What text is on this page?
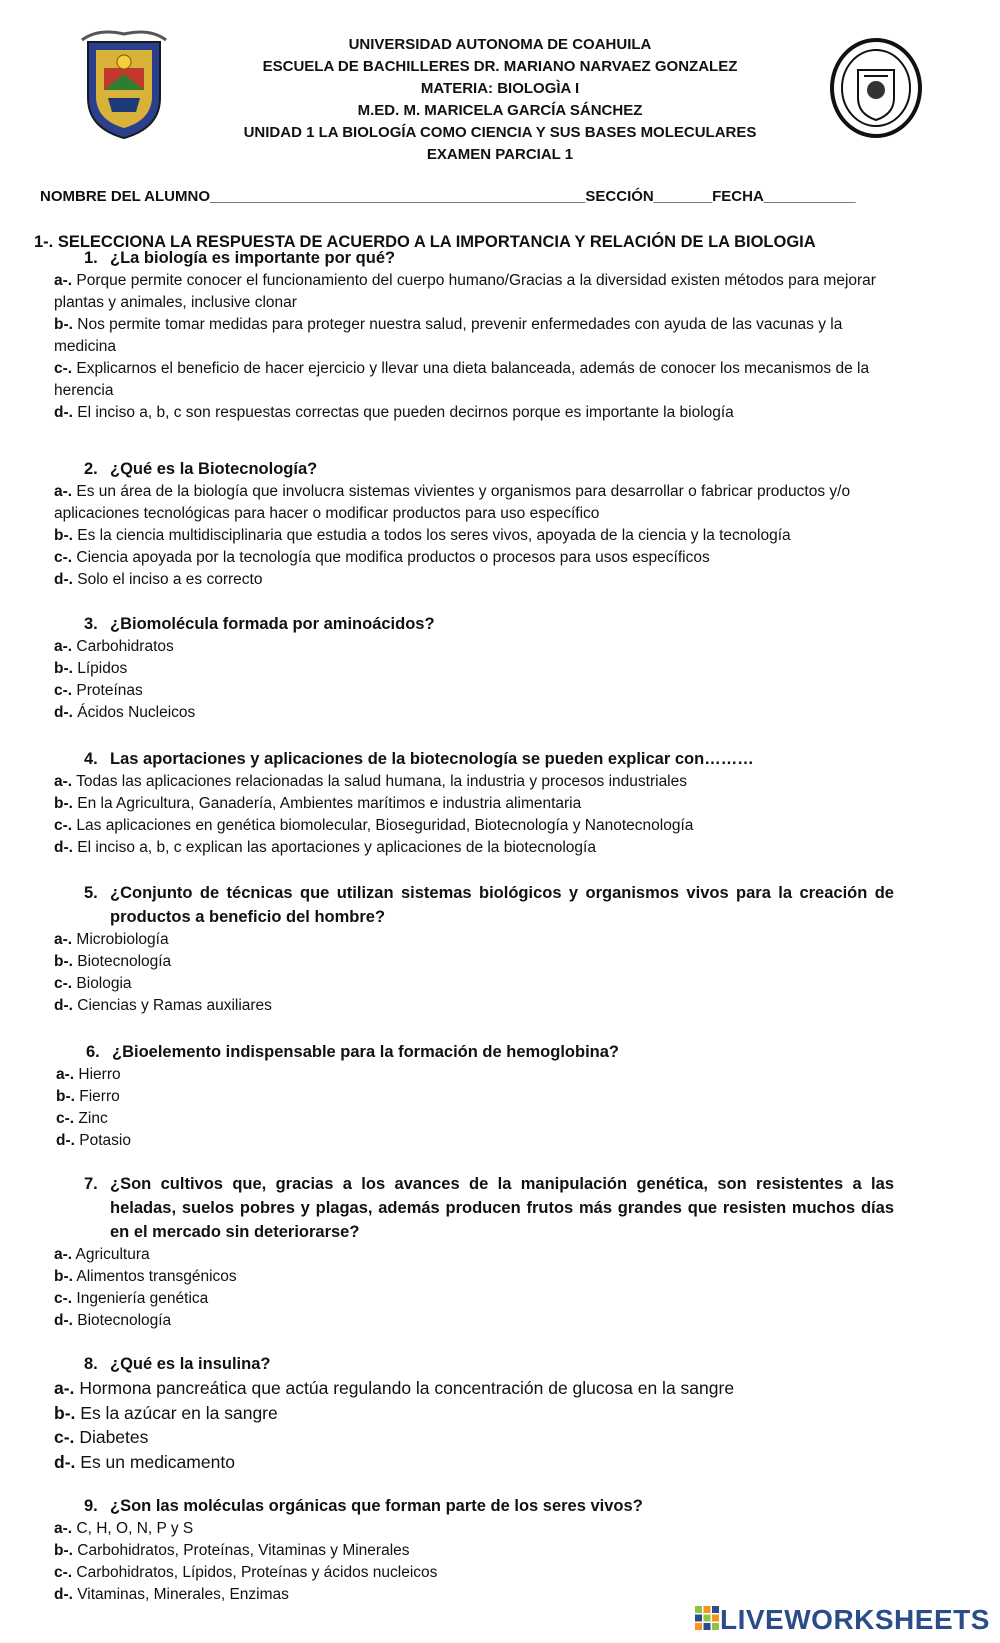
UNIVERSIDAD AUTONOMA DE COAHUILA
ESCUELA DE BACHILLERES DR. MARIANO NARVAEZ GONZALEZ
MATERIA: BIOLOGÌA I
M.ED. M. MARICELA GARCÍA SÁNCHEZ
UNIDAD 1 LA BIOLOGÍA COMO CIENCIA Y SUS BASES MOLECULARES
EXAMEN PARCIAL 1
NOMBRE DEL ALUMNO_____________________________________________SECCIÓN_______FECHA___________
1-. SELECCIONA LA RESPUESTA DE ACUERDO A LA IMPORTANCIA Y RELACIÓN DE LA BIOLOGIA
1. ¿La biología es importante por qué?
a-. Porque permite conocer el funcionamiento del cuerpo humano/Gracias a la diversidad existen métodos para mejorar plantas y animales, inclusive clonar
b-. Nos permite tomar medidas para proteger nuestra salud, prevenir enfermedades con ayuda de las vacunas y la medicina
c-. Explicarnos el beneficio de hacer ejercicio y llevar una dieta balanceada, además de conocer los mecanismos de la herencia
d-. El inciso a, b, c son respuestas correctas que pueden decirnos porque es importante la biología
2. ¿Qué es la Biotecnología?
a-. Es un área de la biología que involucra sistemas vivientes y organismos para desarrollar o fabricar productos y/o aplicaciones tecnológicas para hacer o modificar productos para uso específico
b-. Es la ciencia multidisciplinaria que estudia a todos los seres vivos, apoyada de la ciencia y la tecnología
c-. Ciencia apoyada por la tecnología que modifica productos o procesos para usos específicos
d-. Solo el inciso a es correcto
3. ¿Biomolécula formada por aminoácidos?
a-. Carbohidratos
b-. Lípidos
c-. Proteínas
d-. Ácidos Nucleicos
4. Las aportaciones y aplicaciones de la biotecnología se pueden explicar con………
a-. Todas las aplicaciones relacionadas la salud humana, la industria y procesos industriales
b-. En la Agricultura, Ganadería, Ambientes marítimos e industria alimentaria
c-. Las aplicaciones en genética biomolecular, Bioseguridad, Biotecnología y Nanotecnología
d-. El inciso a, b, c explican las aportaciones y aplicaciones de la biotecnología
5. ¿Conjunto de técnicas que utilizan sistemas biológicos y organismos vivos para la creación de productos a beneficio del hombre?
a-. Microbiología
b-. Biotecnología
c-. Biologia
d-. Ciencias y Ramas auxiliares
6. ¿Bioelemento indispensable para la formación de hemoglobina?
a-. Hierro
b-. Fierro
c-. Zinc
d-. Potasio
7. ¿Son cultivos que, gracias a los avances de la manipulación genética, son resistentes a las heladas, suelos pobres y plagas, además producen frutos más grandes que resisten muchos días en el mercado sin deteriorarse?
a-. Agricultura
b-. Alimentos transgénicos
c-. Ingeniería genética
d-. Biotecnología
8. ¿Qué es la insulina?
a-. Hormona pancreática que actúa regulando la concentración de glucosa en la sangre
b-. Es la azúcar en la sangre
c-. Diabetes
d-. Es un medicamento
9. ¿Son las moléculas orgánicas que forman parte de los seres vivos?
a-. C, H, O, N, P y S
b-. Carbohidratos, Proteínas, Vitaminas y Minerales
c-. Carbohidratos, Lípidos, Proteínas y ácidos nucleicos
d-. Vitaminas, Minerales, Enzimas
LIVEWORKSHEETS
